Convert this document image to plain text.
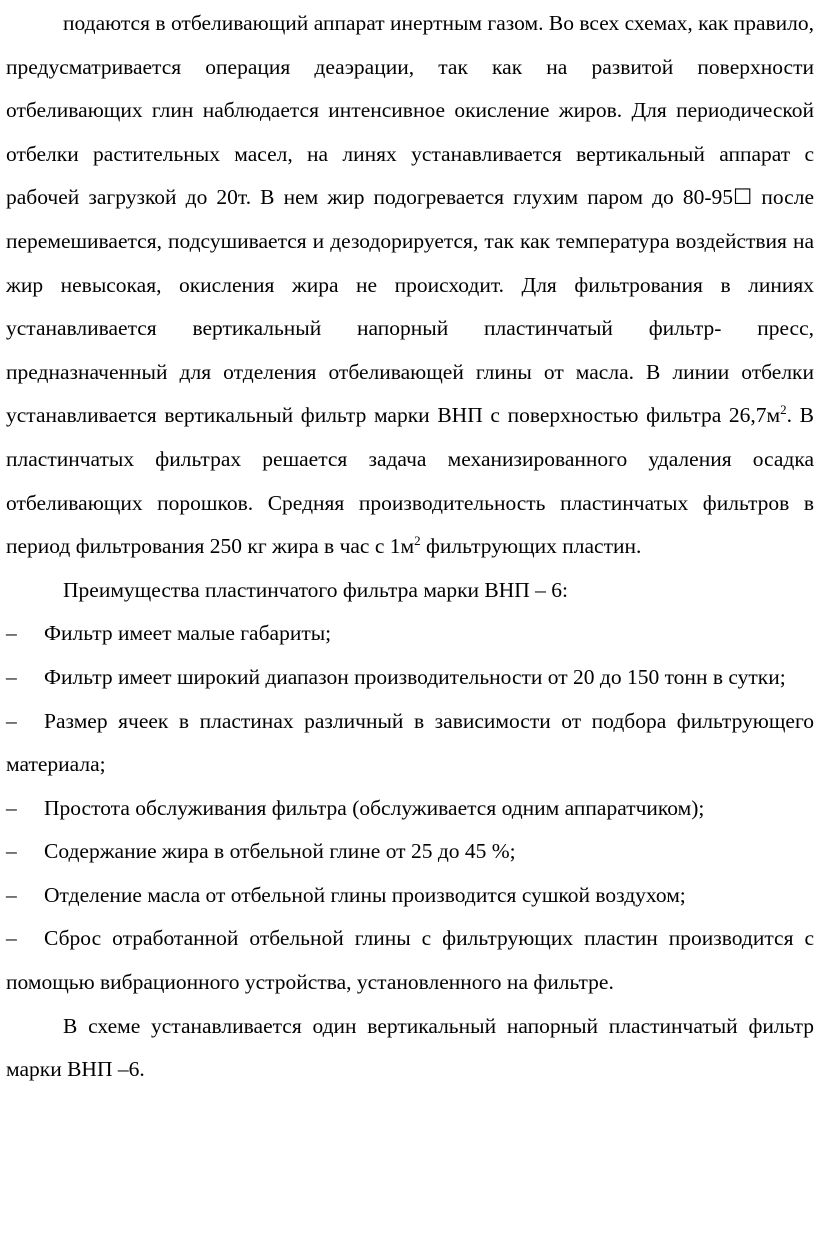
подаются в отбеливающий аппарат инертным газом. Во всех схемах, как правило, предусматривается операция деаэрации, так как на развитой поверхности отбеливающих глин наблюдается интенсивное окисление жиров. Для периодической отбелки растительных масел, на линях устанавливается вертикальный аппарат с рабочей загрузкой до 20т. В нем жир подогревается глухим паром до 80-95☐ после перемешивается, подсушивается и дезодорируется, так как температура воздействия на жир невысокая, окисления жира не происходит. Для фильтрования в линиях устанавливается вертикальный напорный пластинчатый фильтр- пресс, предназначенный для отделения отбеливающей глины от масла. В линии отбелки устанавливается вертикальный фильтр марки ВНП с поверхностью фильтра $26,7м^2$. В пластинчатых фильтрах решается задача механизированного удаления осадка отбеливающих порошков. Средняя производительность пластинчатых фильтров в период фильтрования 250 кг жира в час с $1м^2$ фильтрующих пластин.

Преимущества пластинчатого фильтра марки ВНП – 6:

– Фильтр имеет малые габариты;

– Фильтр имеет широкий диапазон производительности от 20 до 150 тонн в сутки;

– Размер ячеек в пластинах различный в зависимости от подбора фильтрующего материала;

– Простота обслуживания фильтра (обслуживается одним аппаратчиком);

– Содержание жира в отбельной глине от 25 до 45 %;

– Отделение масла от отбельной глины производится сушкой воздухом;

– Сброс отработанной отбельной глины с фильтрующих пластин производится с помощью вибрационного устройства, установленного на фильтре.

В схеме устанавливается один вертикальный напорный пластинчатый фильтр марки ВНП –6.
